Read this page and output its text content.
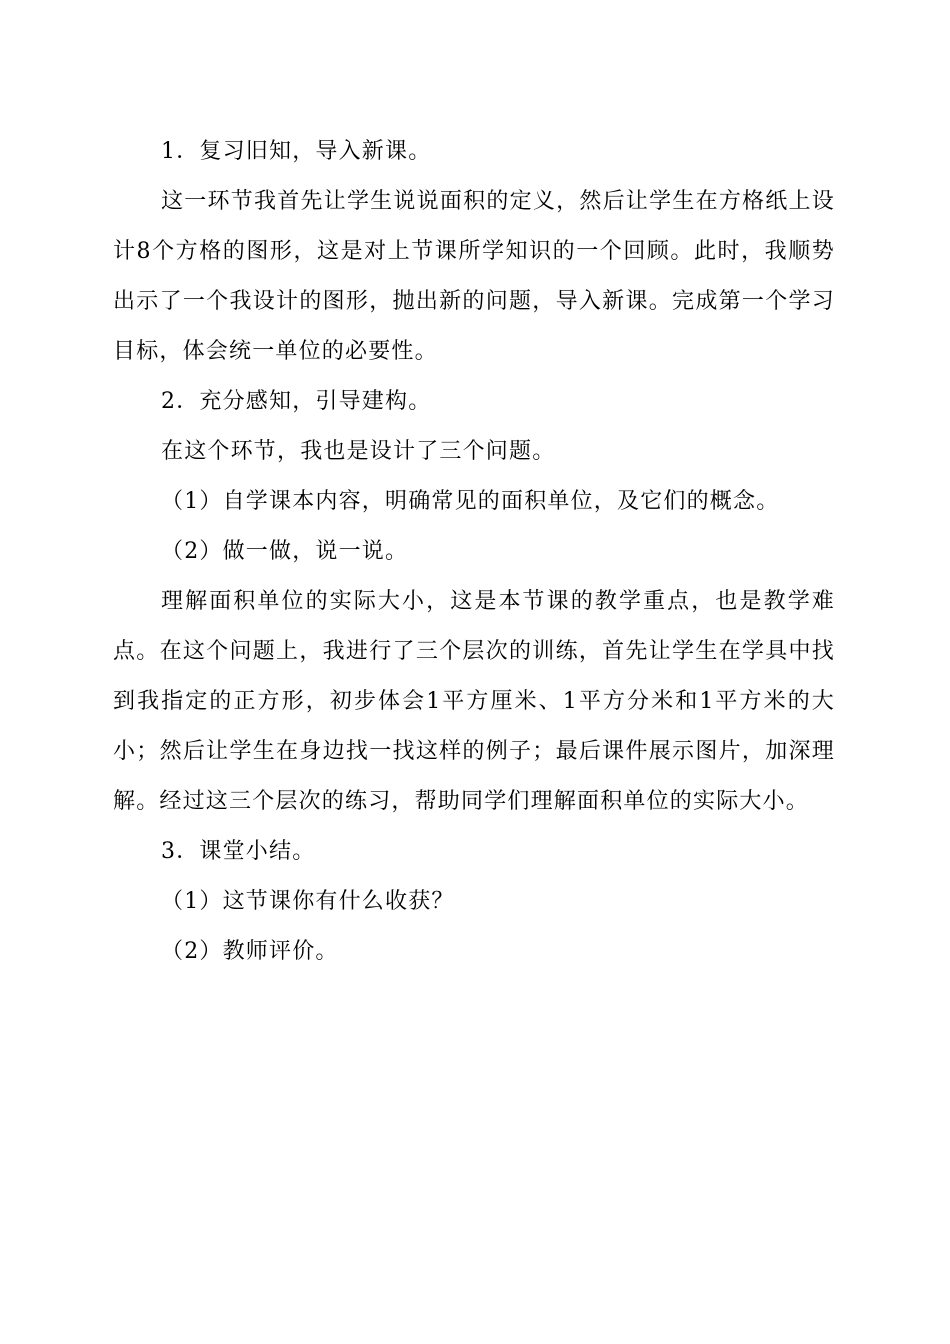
1．复习旧知，导入新课。

这一环节我首先让学生说说面积的定义，然后让学生在方格纸上设计8个方格的图形，这是对上节课所学知识的一个回顾。此时，我顺势出示了一个我设计的图形，抛出新的问题，导入新课。完成第一个学习目标，体会统一单位的必要性。

2．充分感知，引导建构。

在这个环节，我也是设计了三个问题。

（1）自学课本内容，明确常见的面积单位，及它们的概念。

（2）做一做，说一说。

理解面积单位的实际大小，这是本节课的教学重点，也是教学难点。在这个问题上，我进行了三个层次的训练，首先让学生在学具中找到我指定的正方形，初步体会1平方厘米、1平方分米和1平方米的大小；然后让学生在身边找一找这样的例子；最后课件展示图片，加深理解。经过这三个层次的练习，帮助同学们理解面积单位的实际大小。

3．课堂小结。

（1）这节课你有什么收获？

（2）教师评价。
